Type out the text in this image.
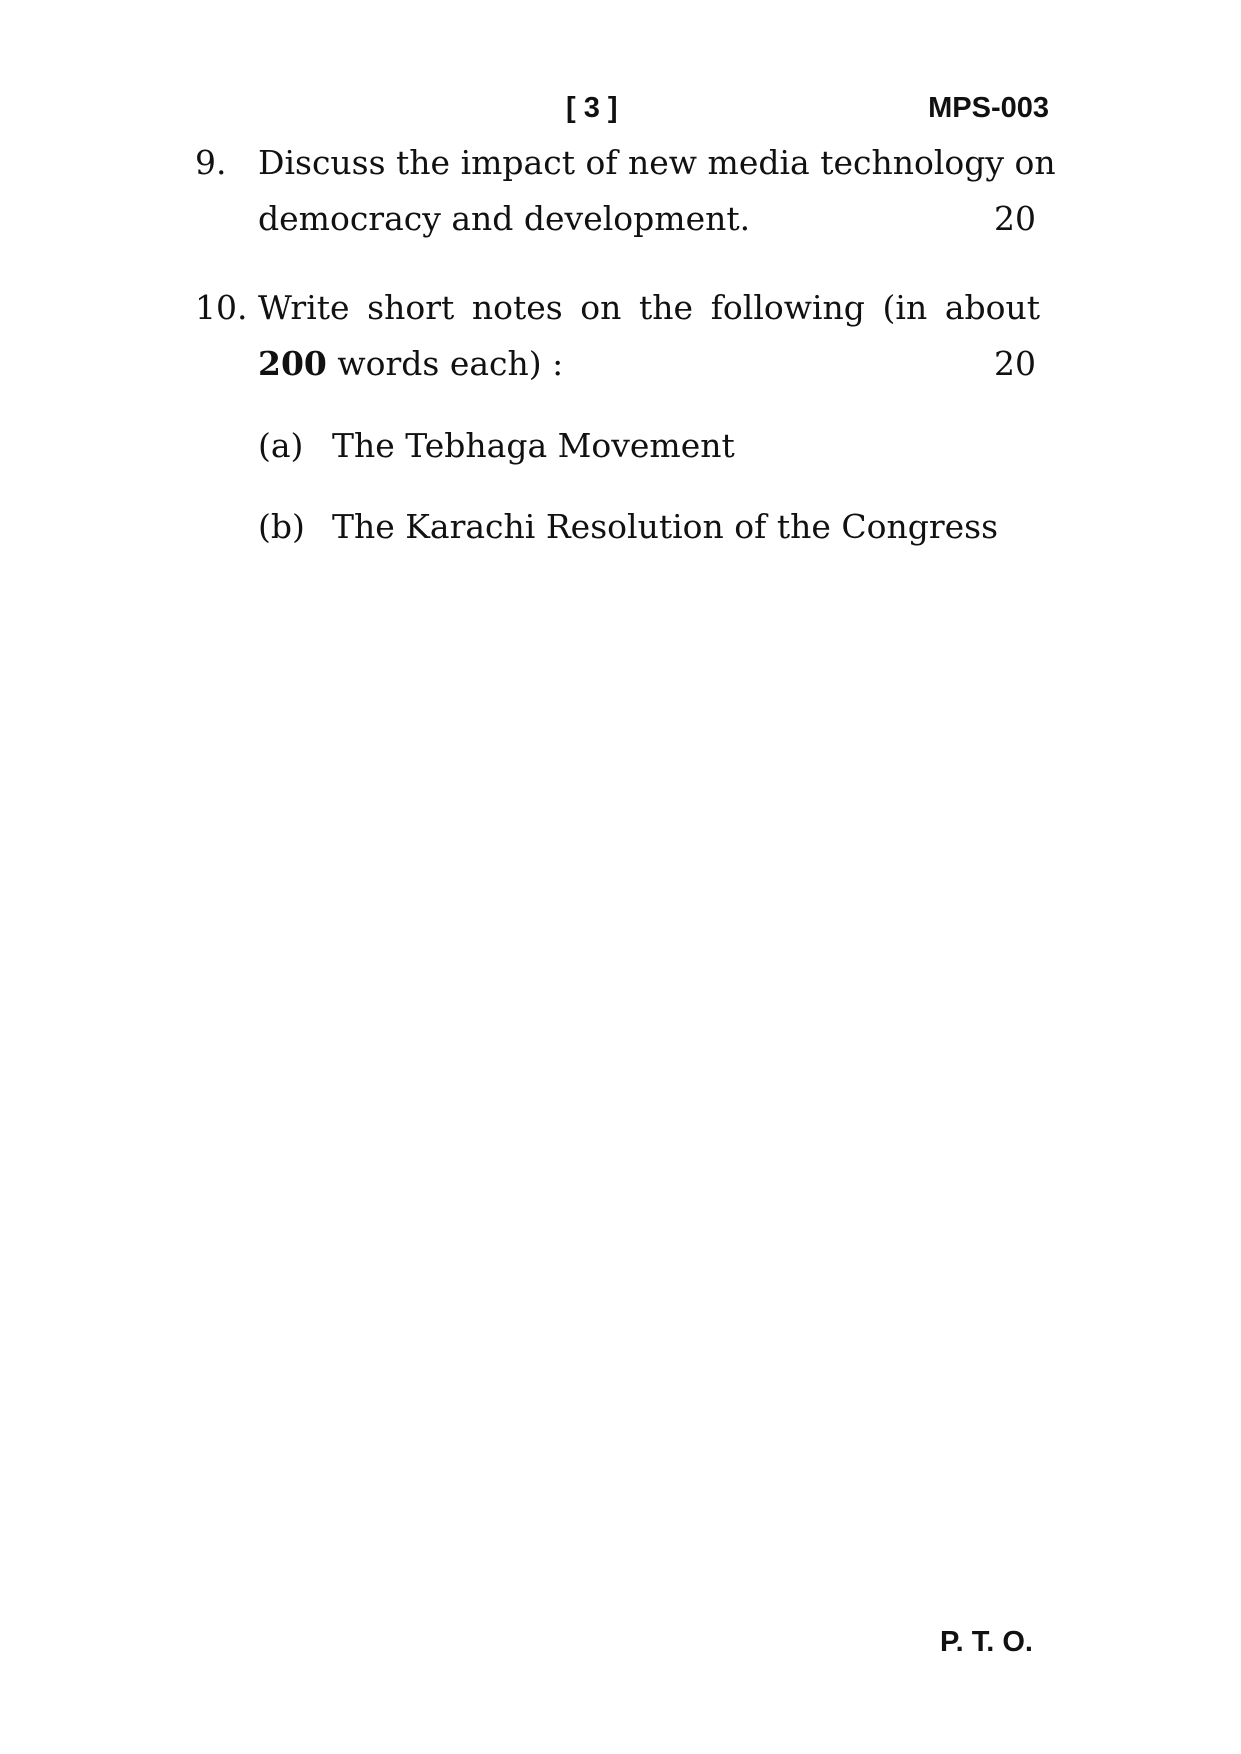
[ 3 ]	MPS-003
9. Discuss the impact of new media technology on
democracy and development.	20
10. Write short notes on the following (in about
200 words each) :	20
(a) The Tebhaga Movement
(b) The Karachi Resolution of the Congress
P. T. O.
